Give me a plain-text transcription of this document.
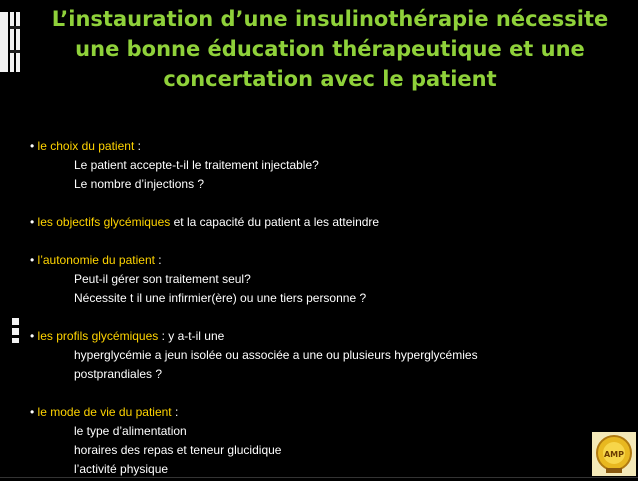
L’instauration d’une insulinothérapie nécessite
une bonne éducation thérapeutique et une
concertation avec le patient
• le choix du patient :
Le patient accepte-t-il le traitement injectable?
Le nombre d’injections ?
• les objectifs glycémiques et la capacité du patient a les atteindre
• l’autonomie du patient :
Peut-il gérer son traitement seul?
Nécessite t il une infirmier(ère) ou une tiers personne ?
• les profils glycémiques : y a-t-il une
hyperglycémie a jeun isolée ou associée a une ou plusieurs hyperglycémies
postprandiales ?
• le mode de vie du patient :
le type d’alimentation
horaires des repas et teneur glucidique
l’activité physique
AMP
